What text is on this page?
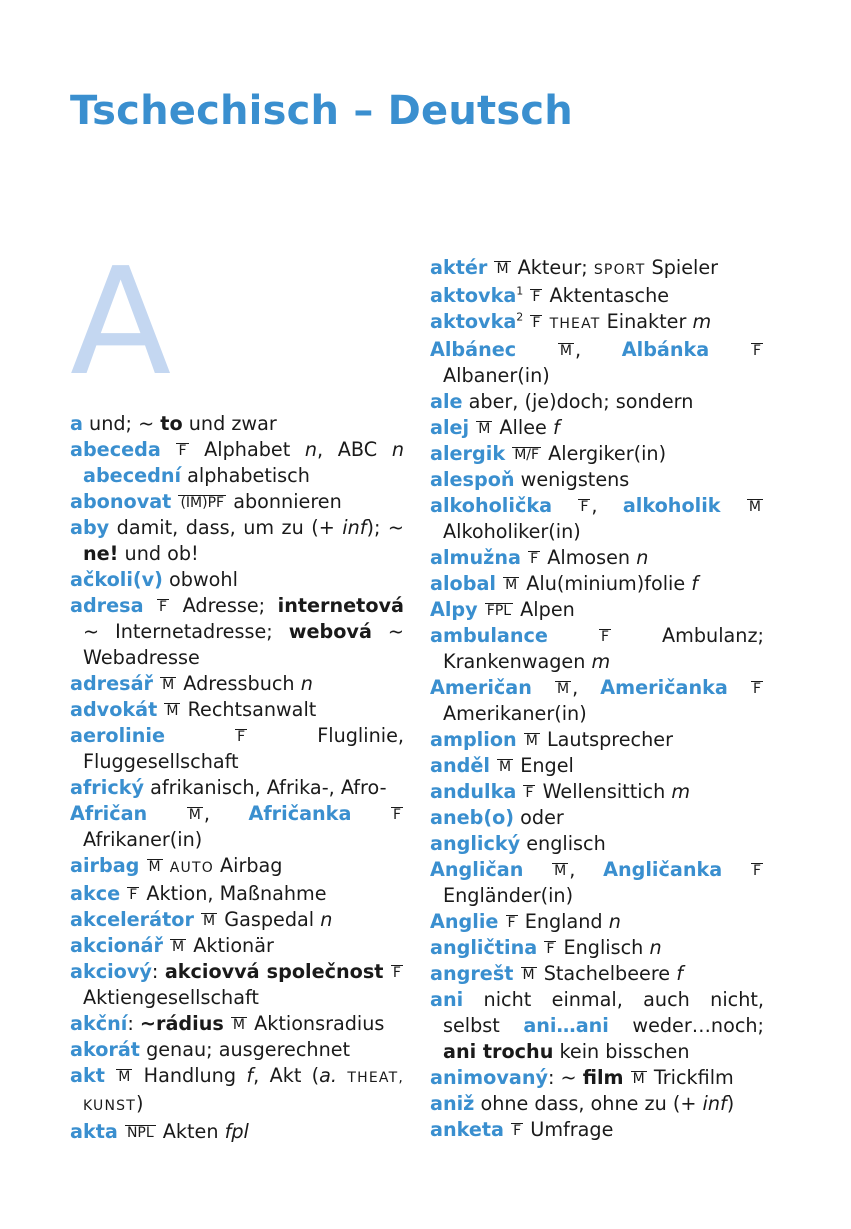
Tschechisch – Deutsch
A
a und; ~ to und zwar
abeceda F Alphabet n, ABC n abecední alphabetisch
abonovat (IM)PF abonnieren
aby damit, dass, um zu (+ inf); ~ ne! und ob!
ačkoli(v) obwohl
adresa F Adresse; internetová ~ Internetadresse; webová ~ Webadresse
adresář M Adressbuch n
advokát M Rechtsanwalt
aerolinie	F Fluglinie, Fluggesellschaft
africký afrikanisch, Afrika-, Afro-
Afričan	M , Afričanka	F Afrikaner(in)
airbag M AUTO Airbag
akce F Aktion, Maßnahme
akcelerátor M Gaspedal n
akcionář M Aktionär
akciový: akciovvá společnost F Aktiengesellschaft
akční: ~rádius M Aktionsradius
akorát genau; ausgerechnet
akt M Handlung f, Akt (a. THEAT, KUNST)
akta NPL Akten fpl
aktér M Akteur; SPORT Spieler
aktovka$^1$ F Aktentasche
aktovka$^2$ F THEAT Einakter m
Albánec	M , Albánka	F Albaner(in)
ale aber, (je)doch; sondern
alej M Allee f
alergik M/F Alergiker(in)
alespoň wenigstens
alkoholička F , alkoholik M Alkoholiker(in)
almužna F Almosen n
alobal M Alu(minium)folie f
Alpy FPL Alpen
ambulance	F Ambulanz; Krankenwagen m
Američan M , Američanka F Amerikaner(in)
amplion M Lautsprecher
anděl M Engel
andulka F Wellensittich m
aneb(o) oder
anglický englisch
Angličan M , Angličanka F Engländer(in)
Anglie F England n
angličtina F Englisch n
angrešt M Stachelbeere f
ani nicht einmal, auch nicht, selbst ani…ani weder…noch; ani trochu kein bisschen
animovaný: ~ film M Trickfilm
aniž ohne dass, ohne zu (+ inf)
anketa F Umfrage
